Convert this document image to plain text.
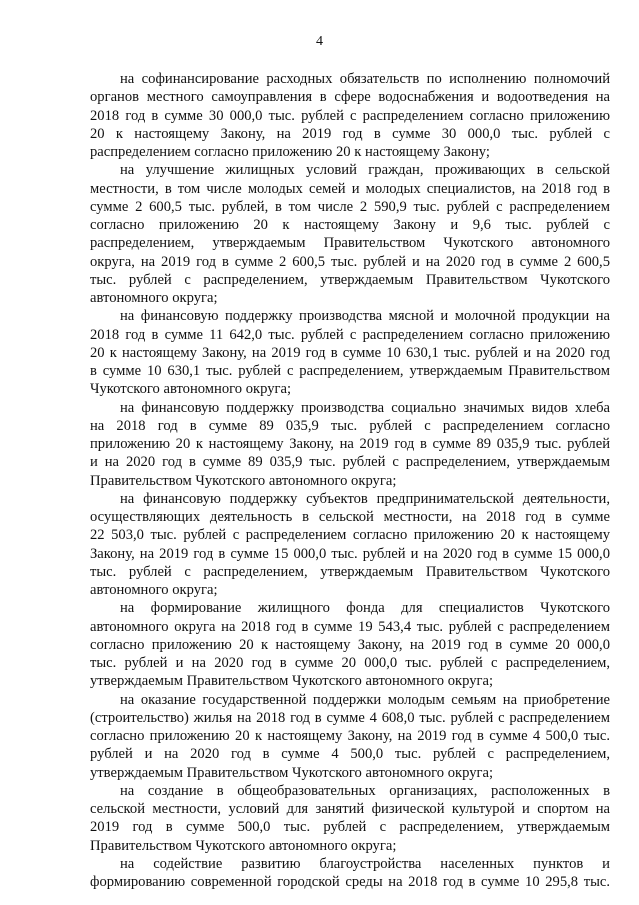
4
на софинансирование расходных обязательств по исполнению полномочий
органов местного самоуправления в сфере водоснабжения и водоотведения на
2018 год в сумме 30 000,0 тыс. рублей с распределением согласно приложению
20 к настоящему Закону, на 2019 год в сумме 30 000,0 тыс. рублей с
распределением согласно приложению 20 к настоящему Закону;
на улучшение жилищных условий граждан, проживающих в сельской
местности, в том числе молодых семей и молодых специалистов, на 2018 год в
сумме 2 600,5 тыс. рублей, в том числе 2 590,9 тыс. рублей с распределением
согласно приложению 20 к настоящему Закону и 9,6 тыс. рублей с
распределением, утверждаемым Правительством Чукотского автономного
округа, на 2019 год в сумме 2 600,5 тыс. рублей и на 2020 год в сумме 2 600,5
тыс. рублей с распределением, утверждаемым Правительством Чукотского
автономного округа;
на финансовую поддержку производства мясной и молочной продукции на
2018 год в сумме 11 642,0 тыс. рублей с распределением согласно приложению
20 к настоящему Закону, на 2019 год в сумме 10 630,1 тыс. рублей и на 2020 год
в сумме 10 630,1 тыс. рублей с распределением, утверждаемым Правительством
Чукотского автономного округа;
на финансовую поддержку производства социально значимых видов хлеба
на 2018 год в сумме 89 035,9 тыс. рублей с распределением согласно
приложению 20 к настоящему Закону, на 2019 год в сумме 89 035,9 тыс. рублей
и на 2020 год в сумме 89 035,9 тыс. рублей с распределением, утверждаемым
Правительством Чукотского автономного округа;
на финансовую поддержку субъектов предпринимательской деятельности,
осуществляющих деятельность в сельской местности, на 2018 год в сумме
22 503,0 тыс. рублей с распределением согласно приложению 20 к настоящему
Закону, на 2019 год в сумме 15 000,0 тыс. рублей и на 2020 год в сумме 15 000,0
тыс. рублей с распределением, утверждаемым Правительством Чукотского
автономного округа;
на формирование жилищного фонда для специалистов Чукотского
автономного округа на 2018 год в сумме 19 543,4 тыс. рублей с распределением
согласно приложению 20 к настоящему Закону, на 2019 год в сумме 20 000,0
тыс. рублей и на 2020 год в сумме 20 000,0 тыс. рублей с распределением,
утверждаемым Правительством Чукотского автономного округа;
на оказание государственной поддержки молодым семьям на приобретение
(строительство) жилья на 2018 год в сумме 4 608,0 тыс. рублей с распределением
согласно приложению 20 к настоящему Закону, на 2019 год в сумме 4 500,0 тыс.
рублей и на 2020 год в сумме 4 500,0 тыс. рублей с распределением,
утверждаемым Правительством Чукотского автономного округа;
на создание в общеобразовательных организациях, расположенных в
сельской местности, условий для занятий физической культурой и спортом на
2019 год в сумме 500,0 тыс. рублей с распределением, утверждаемым
Правительством Чукотского автономного округа;
на содействие развитию благоустройства населенных пунктов и
формированию современной городской среды на 2018 год в сумме 10 295,8 тыс.
